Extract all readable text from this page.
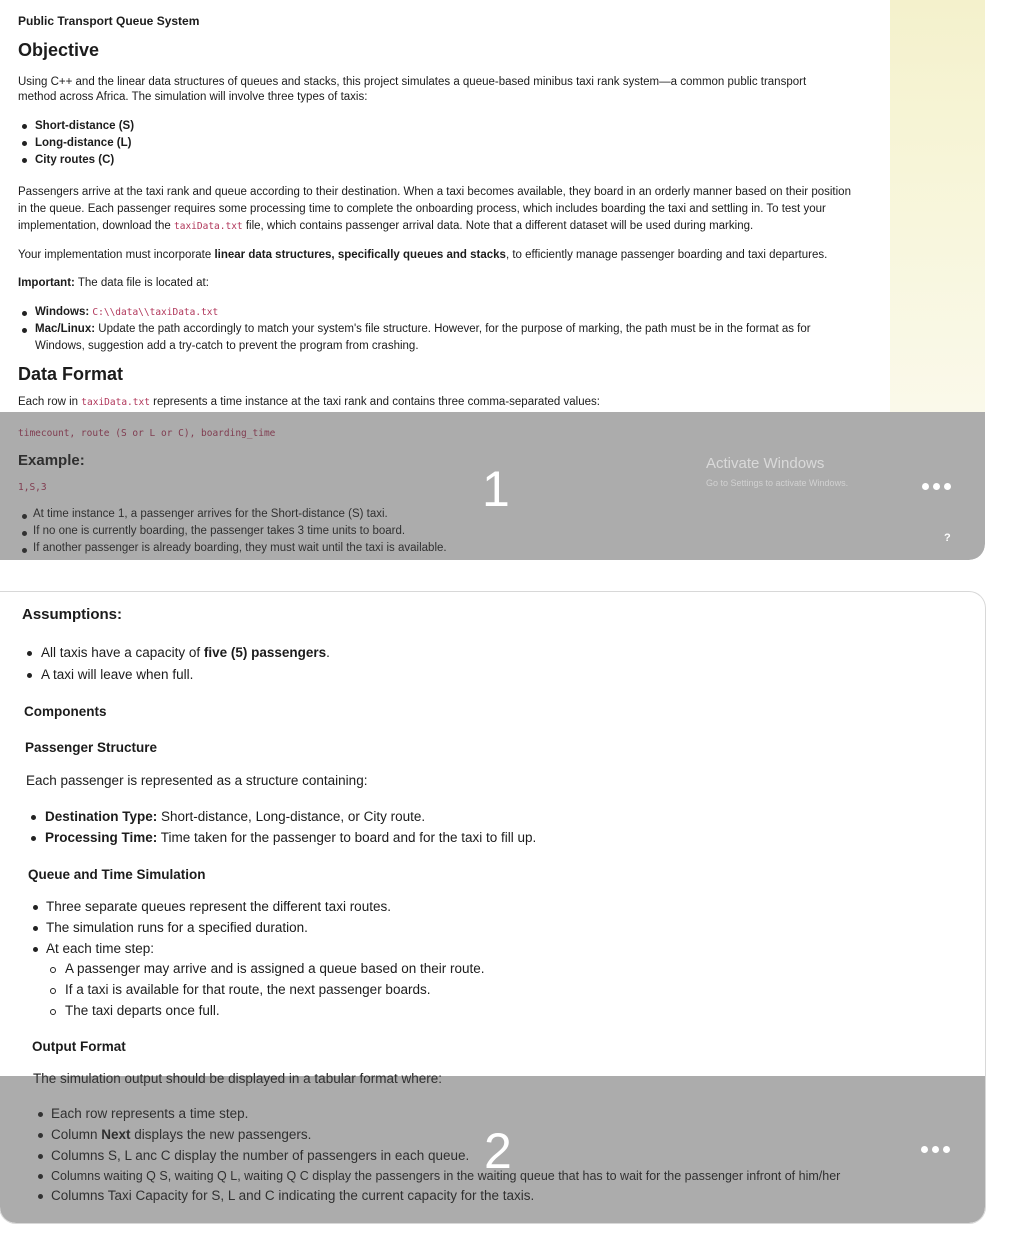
Public Transport Queue System
Objective
Using C++ and the linear data structures of queues and stacks, this project simulates a queue-based minibus taxi rank system—a common public transport
method across Africa. The simulation will involve three types of taxis:
Short-distance (S)
Long-distance (L)
City routes (C)
Passengers arrive at the taxi rank and queue according to their destination. When a taxi becomes available, they board in an orderly manner based on their position
in the queue. Each passenger requires some processing time to complete the onboarding process, which includes boarding the taxi and settling in. To test your
implementation, download the taxiData.txt file, which contains passenger arrival data. Note that a different dataset will be used during marking.
Your implementation must incorporate linear data structures, specifically queues and stacks, to efficiently manage passenger boarding and taxi departures.
Important: The data file is located at:
Windows: C:\\data\\taxiData.txt
Mac/Linux: Update the path accordingly to match your system's file structure. However, for the purpose of marking, the path must be in the format as for
Windows, suggestion add a try-catch to prevent the program from crashing.
Data Format
Each row in taxiData.txt represents a time instance at the taxi rank and contains three comma-separated values:
timecount, route (S or L or C), boarding_time
Example:
1,S,3
At time instance 1, a passenger arrives for the Short-distance (S) taxi.
If no one is currently boarding, the passenger takes 3 time units to board.
If another passenger is already boarding, they must wait until the taxi is available.
Activate Windows
Go to Settings to activate Windows.
1
?
Assumptions:
All taxis have a capacity of five (5) passengers.
A taxi will leave when full.
Components
Passenger Structure
Each passenger is represented as a structure containing:
Destination Type: Short-distance, Long-distance, or City route.
Processing Time: Time taken for the passenger to board and for the taxi to fill up.
Queue and Time Simulation
Three separate queues represent the different taxi routes.
The simulation runs for a specified duration.
At each time step:
A passenger may arrive and is assigned a queue based on their route.
If a taxi is available for that route, the next passenger boards.
The taxi departs once full.
Output Format
The simulation output should be displayed in a tabular format where:
Each row represents a time step.
Column Next displays the new passengers.
Columns S, L anc C display the number of passengers in each queue.
Columns waiting Q S, waiting Q L, waiting Q C display the passengers in the waiting queue that has to wait for the passenger infront of him/her
Columns Taxi Capacity for S, L and C indicating the current capacity for the taxis.
2
